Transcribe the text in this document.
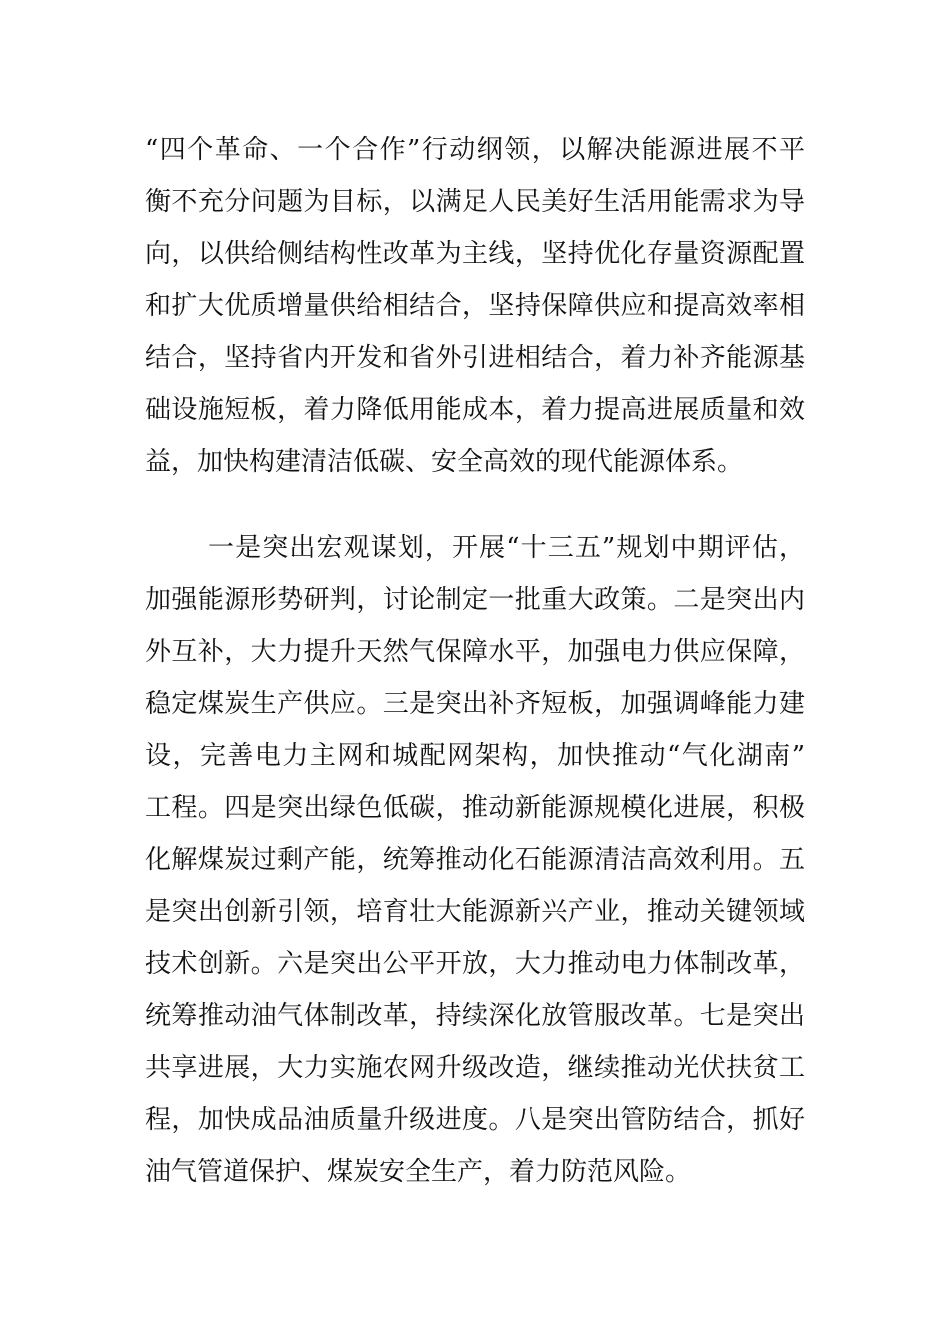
“四个革命、一个合作”行动纲领，以解决能源进展不平
衡不充分问题为目标，以满足人民美好生活用能需求为导
向，以供给侧结构性改革为主线，坚持优化存量资源配置
和扩大优质增量供给相结合，坚持保障供应和提高效率相
结合，坚持省内开发和省外引进相结合，着力补齐能源基
础设施短板，着力降低用能成本，着力提高进展质量和效
益，加快构建清洁低碳、安全高效的现代能源体系。
一是突出宏观谋划，开展“十三五”规划中期评估，
加强能源形势研判，讨论制定一批重大政策。二是突出内
外互补，大力提升天然气保障水平，加强电力供应保障，
稳定煤炭生产供应。三是突出补齐短板，加强调峰能力建
设，完善电力主网和城配网架构，加快推动“气化湖南”
工程。四是突出绿色低碳，推动新能源规模化进展，积极
化解煤炭过剩产能，统筹推动化石能源清洁高效利用。五
是突出创新引领，培育壮大能源新兴产业，推动关键领域
技术创新。六是突出公平开放，大力推动电力体制改革，
统筹推动油气体制改革，持续深化放管服改革。七是突出
共享进展，大力实施农网升级改造，继续推动光伏扶贫工
程，加快成品油质量升级进度。八是突出管防结合，抓好
油气管道保护、煤炭安全生产，着力防范风险。
